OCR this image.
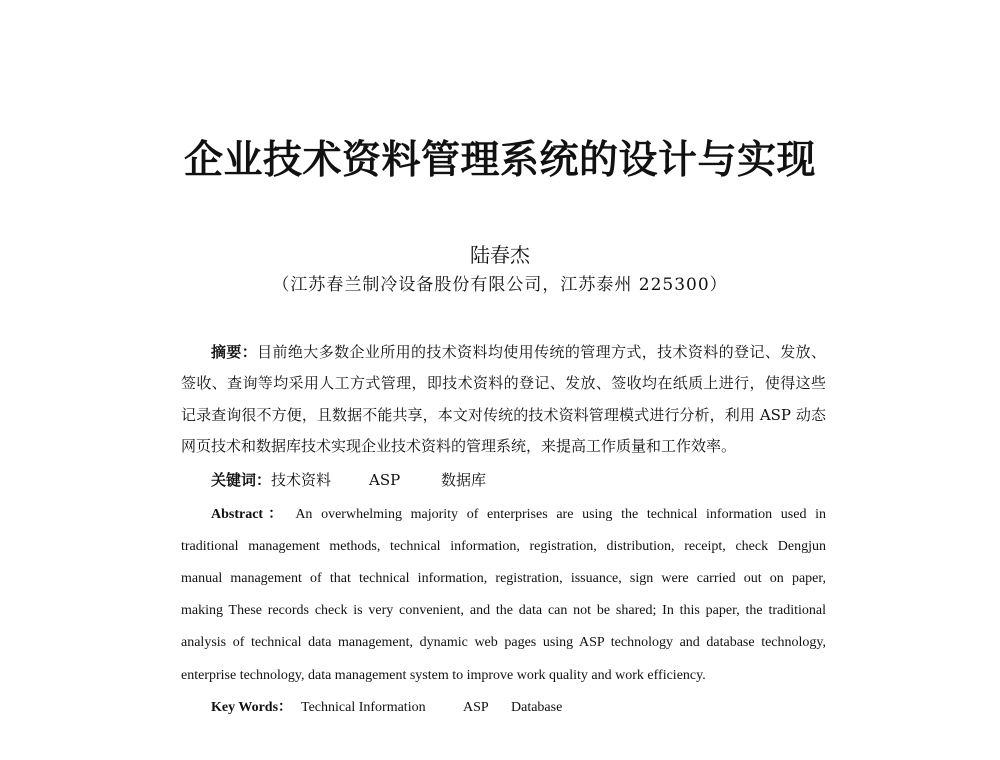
企业技术资料管理系统的设计与实现
陆春杰
（江苏春兰制冷设备股份有限公司，江苏泰州 225300）
摘要：目前绝大多数企业所用的技术资料均使用传统的管理方式，技术资料的登记、发放、
签收、查询等均采用人工方式管理，即技术资料的登记、发放、签收均在纸质上进行，使得这些
记录查询很不方便，且数据不能共享，本文对传统的技术资料管理模式进行分析，利用 ASP 动态
网页技术和数据库技术实现企业技术资料的管理系统，来提高工作质量和工作效率。
关键词：技术资料	ASP	数据库
Abstract： An overwhelming majority of enterprises are using the technical information used in
traditional management methods, technical information, registration, distribution, receipt, check Dengjun
manual management of that technical information, registration, issuance, sign were carried out on paper,
making These records check is very convenient, and the data can not be shared; In this paper, the traditional
analysis of technical data management, dynamic web pages using ASP technology and database technology,
enterprise technology, data management system to improve work quality and work efficiency.
Key Words： Technical Information	ASP Database
